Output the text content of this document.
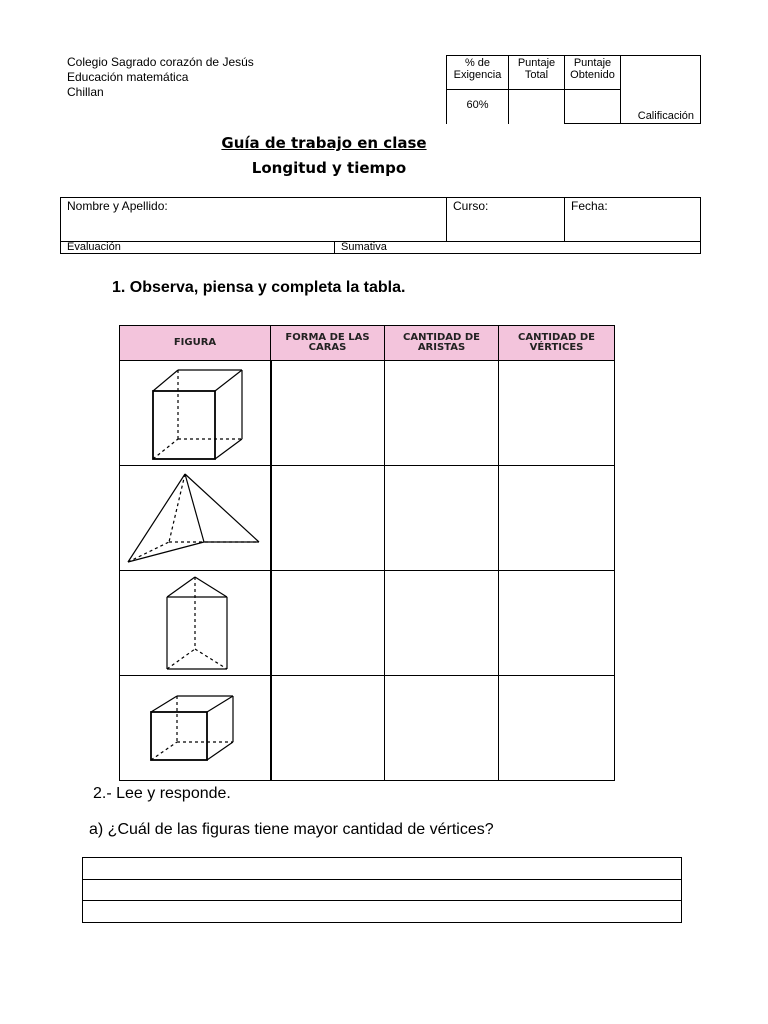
Colegio Sagrado corazón de Jesús
Educación matemática
Chillan
% de Exigencia	Puntaje Total	Puntaje Obtenido	Calificación
60%			
Guía de trabajo en clase
Longitud y tiempo
Nombre y Apellido:		Curso:	Fecha:
Evaluación	Sumativa		
1. Observa, piensa y completa la tabla.
FIGURA	FORMA DE LAS CARAS	CANTIDAD DE ARISTAS	CANTIDAD DE VÉRTICES

2.- Lee y responde.
a) ¿Cuál de las figuras tiene mayor cantidad de vértices?
